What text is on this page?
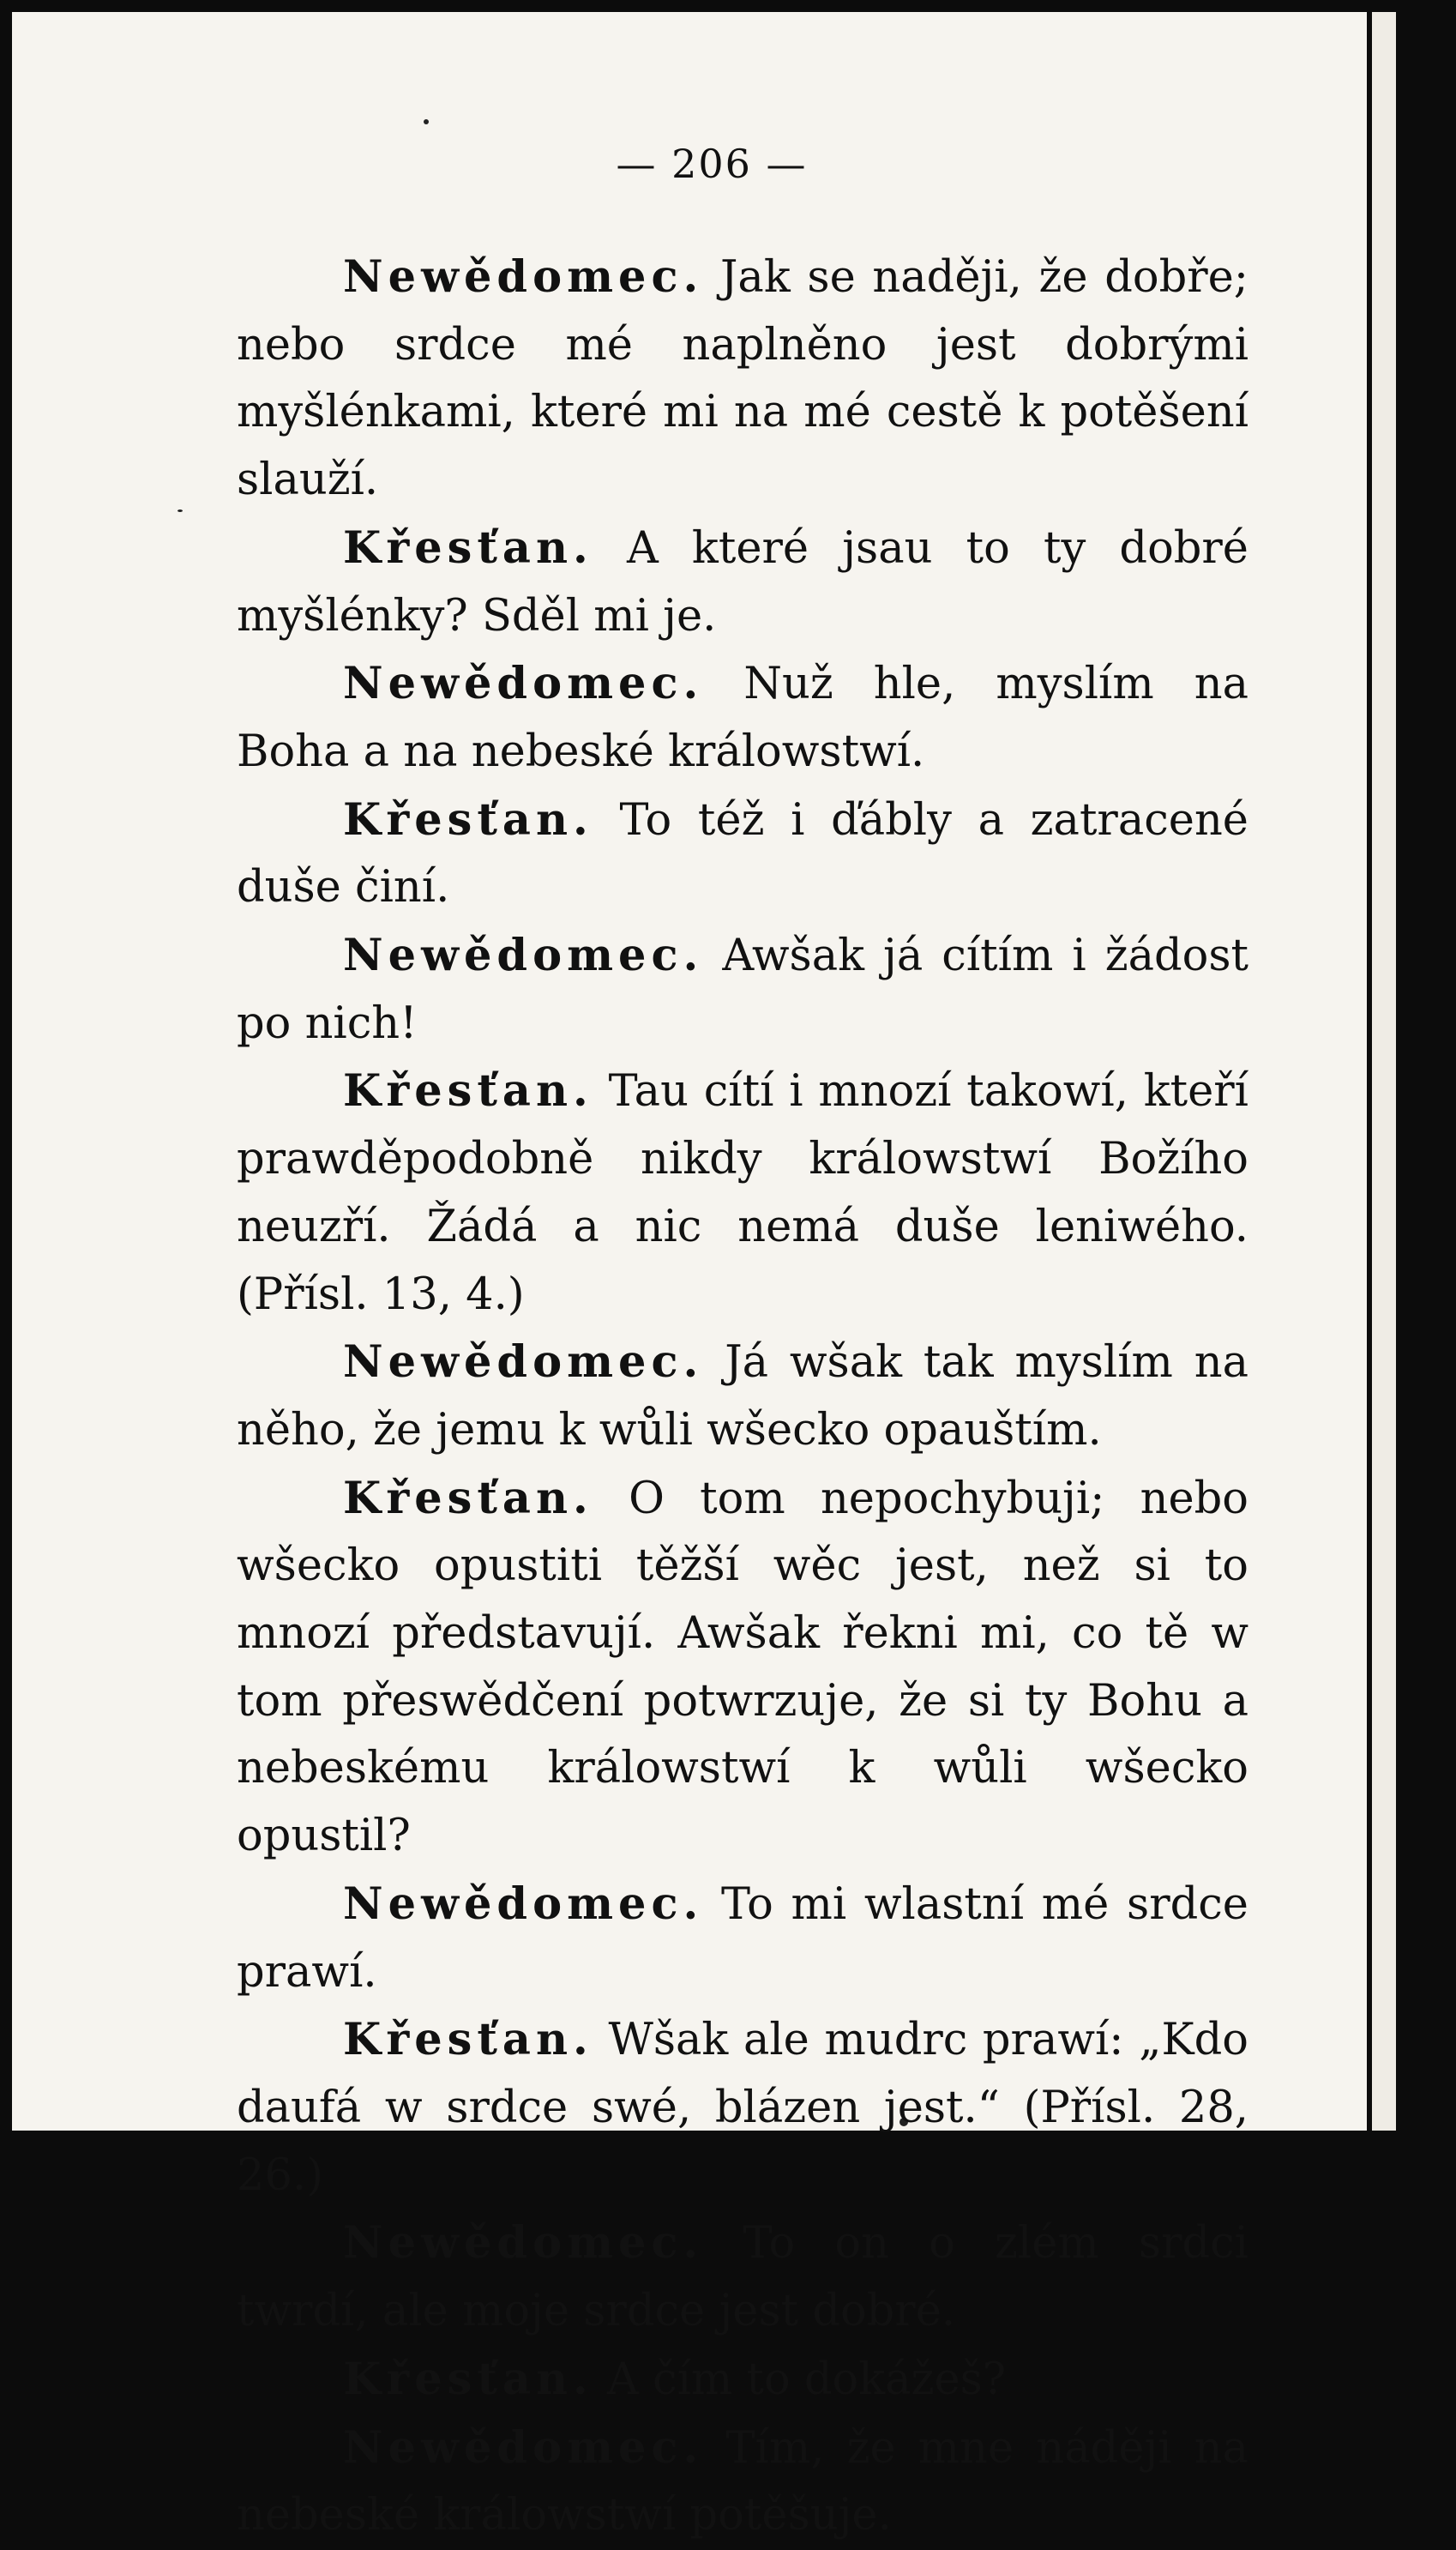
— 206 —

Newědomec. Jak se naději, že dobře; nebo srdce mé naplněno jest dobrými myšlénkami, které mi na mé cestě k potěšení slauží.

Křesťan. A které jsau to ty dobré myšlénky? Sděl mi je.

Newědomec. Nuž hle, myslím na Boha a na nebeské králowstwí.

Křesťan. To též i ďábly a zatracené duše činí.

Newědomec. Awšak já cítím i žádost po nich!

Křesťan. Tau cítí i mnozí takowí, kteří prawděpodobně nikdy králowstwí Božího neuzří. Žádá a nic nemá duše leniwého. (Přísl. 13, 4.)

Newědomec. Já wšak tak myslím na něho, že jemu k wůli wšecko opauštím.

Křesťan. O tom nepochybuji; nebo wšecko opustiti těžší wěc jest, než si to mnozí představují. Awšak řekni mi, co tě w tom přeswědčení potwrzuje, že si ty Bohu a nebeskému králowstwí k wůli wšecko opustil?

Newědomec. To mi wlastní mé srdce prawí.

Křesťan. Wšak ale mudrc prawí: „Kdo daufá w srdce swé, blázen jest.“ (Přísl. 28, 26.)

Newědomec. To on o zlém srdci twrdí, ale moje srdce jest dobré.

Křesťan. A čím to dokážeš?

Newědomec. Tím, že mne náději na nebeské králowstwí potěšuje.
